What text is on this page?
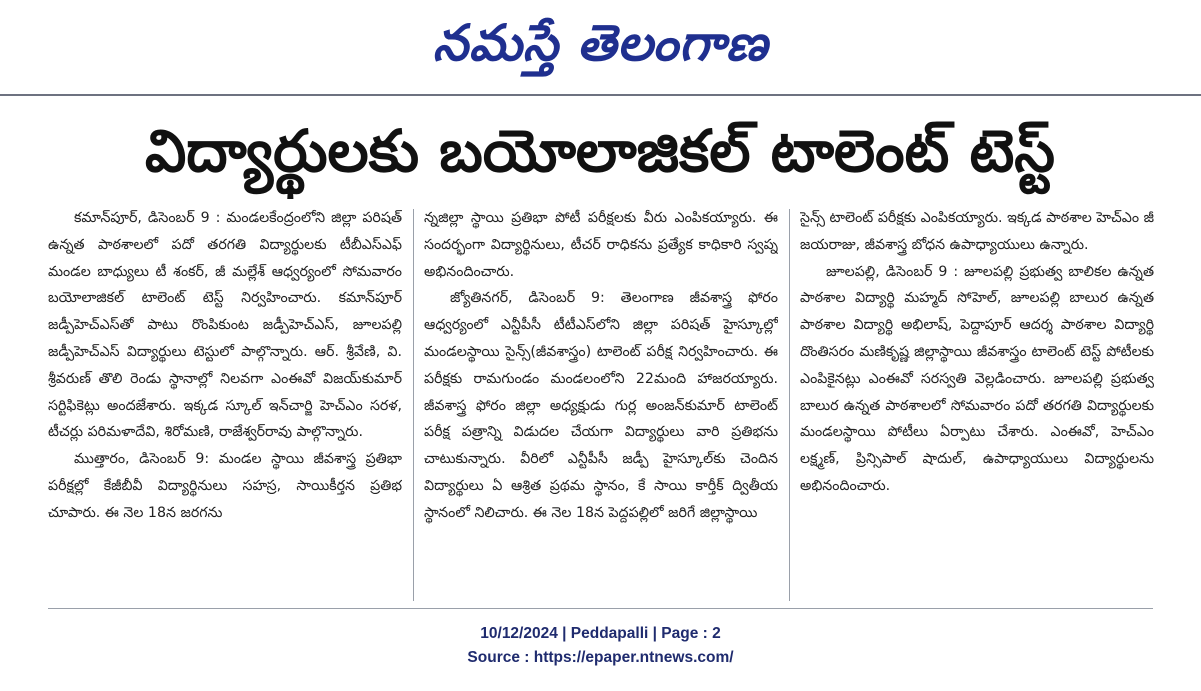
నమస్తే తెలంగాణ
విద్యార్థులకు బయోలాజికల్ టాలెంట్ టెస్ట్

కమాన్‌పూర్, డిసెంబర్ 9 : మండలకేంద్రంలోని జిల్లా పరిషత్ ఉన్నత పాఠశాలలో పదో తరగతి విద్యార్థులకు టీబీఎస్‌ఎఫ్ మండల బాధ్యులు టీ శంకర్, జీ మల్లేశ్ ఆధ్వర్యంలో సోమవారం బయోలాజికల్ టాలెంట్ టెస్ట్ నిర్వహించారు. కమాన్‌పూర్ జడ్పీహెచ్‌ఎస్‌తో పాటు రొంపికుంట జడ్పీహెచ్‌ఎస్, జూలపల్లి జడ్పీహెచ్‌ఎస్ విద్యార్థులు టెస్టులో పాల్గొన్నారు. ఆర్. శ్రీవేణి, వి. శ్రీవరుణ్ తొలి రెండు స్థానాల్లో నిలవగా ఎంఈవో విజయ్‌కుమార్ సర్టిఫికెట్లు అందజేశారు. ఇక్కడ స్కూల్ ఇన్‌చార్జి హెచ్‌ఎం సరళ, టీచర్లు పరిమళాదేవి, శిరోమణి, రాజేశ్వర్‌రావు పాల్గొన్నారు.

ముత్తారం, డిసెంబర్ 9: మండల స్థాయి జీవశాస్త్ర ప్రతిభా పరీక్షల్లో కేజీబీవీ విద్యార్థినులు సహస్ర, సాయికీర్తన ప్రతిభ చూపారు. ఈ నెల 18న జరగను

న్నజిల్లా స్థాయి ప్రతిభా పోటీ పరీక్షలకు వీరు ఎంపికయ్యారు. ఈ సందర్భంగా విద్యార్థినులు, టీచర్ రాధికను ప్రత్యేక కాధికారి స్వప్న అభినందించారు.

జ్యోతినగర్, డిసెంబర్ 9: తెలంగాణ జీవశాస్త్ర ఫోరం ఆధ్వర్యంలో ఎన్టీపీసీ టీటీఎస్‌లోని జిల్లా పరిషత్ హైస్కూల్లో మండలస్థాయి సైన్స్(జీవశాస్త్రం) టాలెంట్ పరీక్ష నిర్వహించారు. ఈ పరీక్షకు రామగుండం మండలంలోని 22మంది హాజరయ్యారు. జీవశాస్త్ర ఫోరం జిల్లా అధ్యక్షుడు గుర్ల అంజన్‌కుమార్ టాలెంట్ పరీక్ష పత్రాన్ని విడుదల చేయగా విద్యార్థులు వారి ప్రతిభను చాటుకున్నారు. వీరిలో ఎన్టీపీసీ జడ్పీ హైస్కూల్‌కు చెందిన విద్యార్థులు ఏ ఆశ్రిత ప్రథమ స్థానం, కే సాయి కార్తీక్ ద్వితీయ స్థానంలో నిలిచారు. ఈ నెల 18న పెద్దపల్లిలో జరిగే జిల్లాస్థాయి

సైన్స్ టాలెంట్ పరీక్షకు ఎంపికయ్యారు. ఇక్కడ పాఠశాల హెచ్‌ఎం జీ జయరాజు, జీవశాస్త్ర బోధన ఉపాధ్యాయులు ఉన్నారు.

జూలపల్లి, డిసెంబర్ 9 : జూలపల్లి ప్రభుత్వ బాలికల ఉన్నత పాఠశాల విద్యార్థి మహ్మద్ సోహెల్, జూలపల్లి బాలుర ఉన్నత పాఠశాల విద్యార్థి అభిలాష్, పెద్దాపూర్ ఆదర్శ పాఠశాల విద్యార్థి దొంతిసరం మణికృష్ణ జిల్లాస్థాయి జీవశాస్త్రం టాలెంట్ టెస్ట్ పోటీలకు ఎంపికైనట్లు ఎంఈవో సరస్వతి వెల్లడించారు. జూలపల్లి ప్రభుత్వ బాలుర ఉన్నత పాఠశాలలో సోమవారం పదో తరగతి విద్యార్థులకు మండలస్థాయి పోటీలు ఏర్పాటు చేశారు. ఎంఈవో, హెచ్‌ఎం లక్ష్మణ్, ప్రిన్సిపాల్ షాదుల్, ఉపాధ్యాయులు విద్యార్థులను అభినందించారు.

10/12/2024 | Peddapalli | Page : 2
Source : https://epaper.ntnews.com/
